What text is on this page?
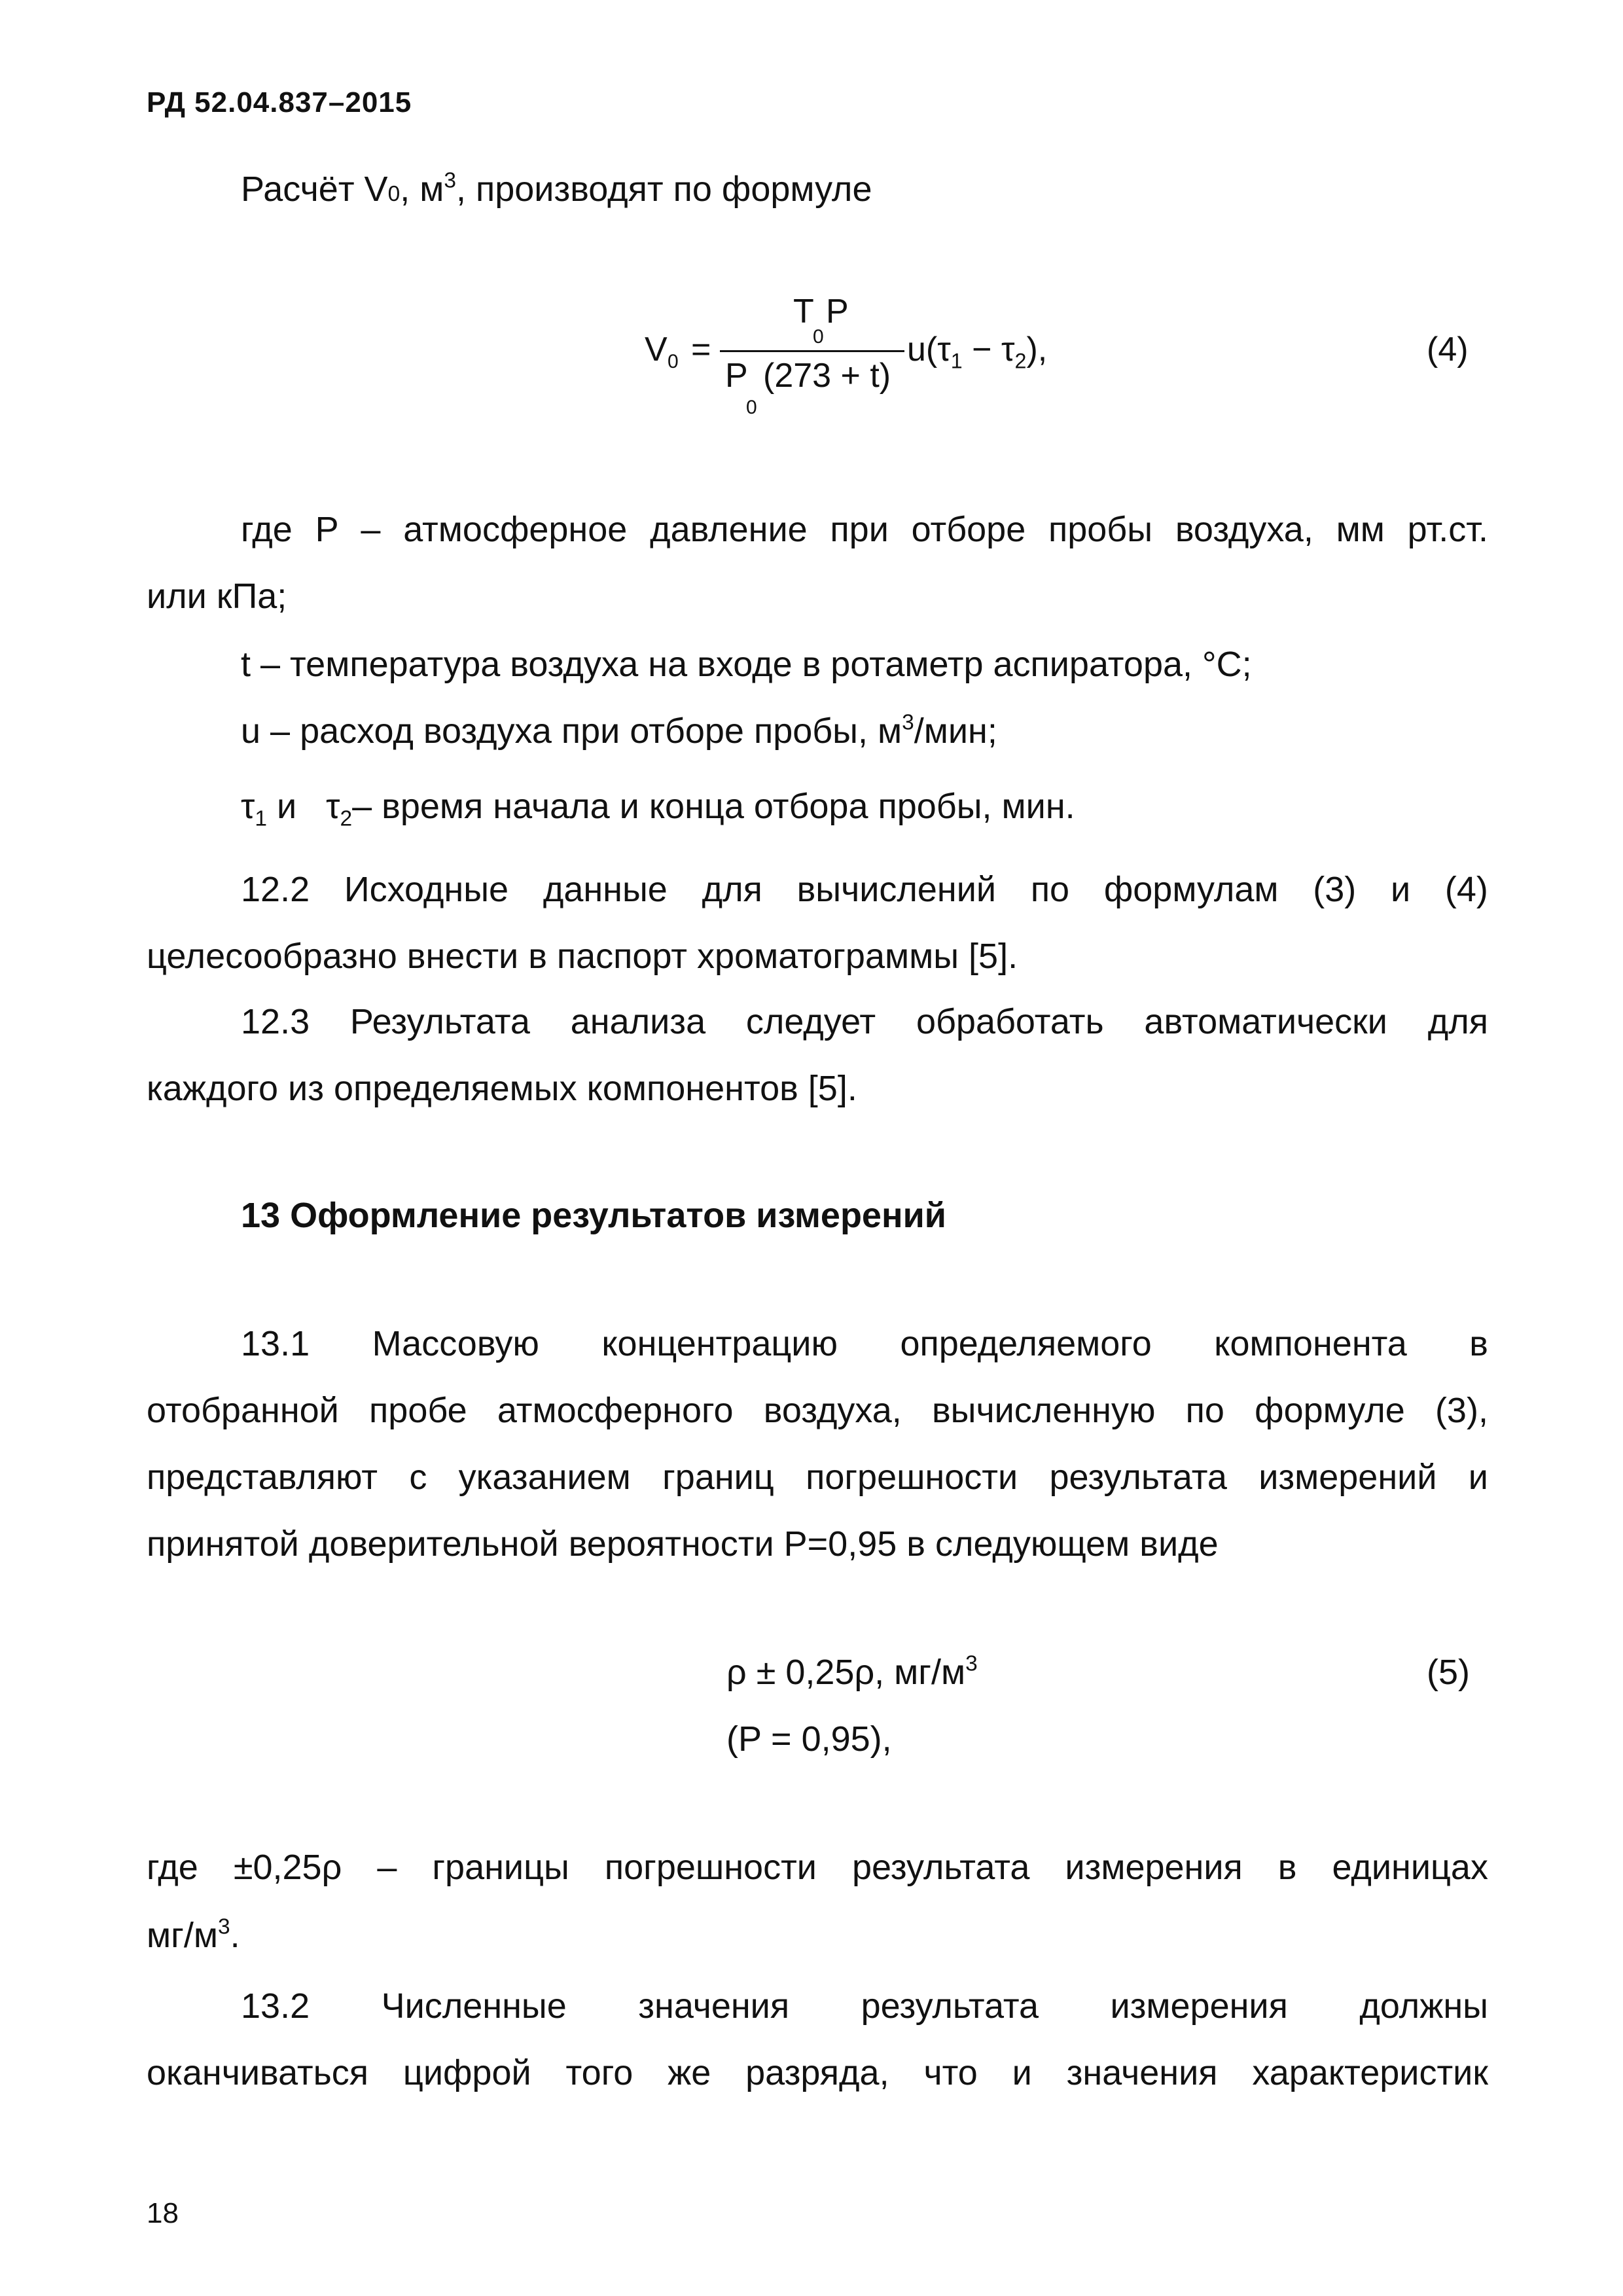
РД 52.04.837–2015
Расчёт V0, $м^3$, производят по формуле
V 0 =
T
0
P
P
0
(273 + t)
$u(\tau_1 - \tau_2)$,	(4)
где P – атмосферное давление при отборе пробы воздуха, мм рт.ст.
или кПа;
t – температура воздуха на входе в ротаметр аспиратора, °C;
u – расход воздуха при отборе пробы, $м^3$/мин;
$\tau_1$ и   $\tau_2-$ время начала и конца отбора пробы, мин.
12.2 Исходные данные для вычислений по формулам (3) и (4)
целесообразно внести в паспорт хроматограммы [5].
12.3 Результата анализа следует обработать автоматически для
каждого из определяемых компонентов [5].
13 Оформление результатов измерений
13.1 Массовую концентрацию определяемого компонента в
отобранной пробе атмосферного воздуха, вычисленную по формуле (3),
представляют с указанием границ погрешности результата измерений и
принятой доверительной вероятности P=0,95 в следующем виде
ρ ± 0,25ρ, $мг/м^3$	(5)
(P = 0,95),
где ±0,25ρ – границы погрешности результата измерения в единицах
$мг/м^3$.
13.2 Численные значения результата измерения должны
оканчиваться цифрой того же разряда, что и значения характеристик
18
